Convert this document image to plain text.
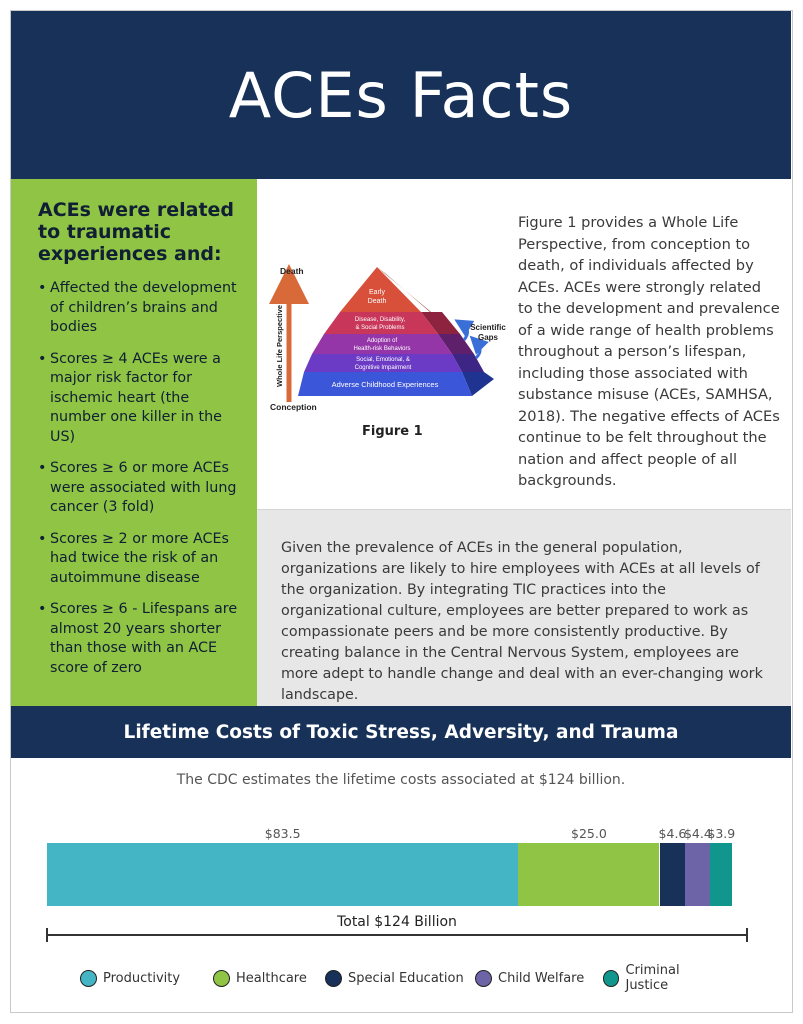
ACEs Facts
ACEs were related to traumatic experiences and:
• Affected the development of children’s brains and bodies
• Scores ≥ 4 ACEs were a major risk factor for ischemic heart (the number one killer in the US)
• Scores ≥ 6 or more ACEs were associated with lung cancer (3 fold)
• Scores ≥ 2 or more ACEs had twice the risk of an autoimmune disease
• Scores ≥ 6 - Lifespans are almost 20 years shorter than those with an ACE score of zero
Death
Conception
Whole Life Perspective
Early
Death
Disease, Disability,
& Social Problems
Adoption of
Health-risk Behaviors
Social, Emotional, &
Cognitive Impairment
Adverse Childhood Experiences
Scientific
Gaps
Figure 1
Figure 1 provides a Whole Life Perspective, from conception to death, of individuals affected by ACEs. ACEs were strongly related to the development and prevalence of a wide range of health problems throughout a person’s lifespan, including those associated with substance misuse (ACEs, SAMHSA, 2018). The negative effects of ACEs continue to be felt throughout the nation and affect people of all backgrounds.

Given the prevalence of ACEs in the general population, organizations are likely to hire employees with ACEs at all levels of the organization. By integrating TIC practices into the organizational culture, employees are better prepared to work as compassionate peers and be more consistently productive. By creating balance in the Central Nervous System, employees are more adept to handle change and deal with an ever-changing work landscape.

Lifetime Costs of Toxic Stress, Adversity, and Trauma
The CDC estimates the lifetime costs associated at $124 billion.
$83.5	$25.0	$4.6
$4.4
$3.9
Total $124 Billion
Productivity	Healthcare	Special Education	Child Welfare	Criminal Justice
